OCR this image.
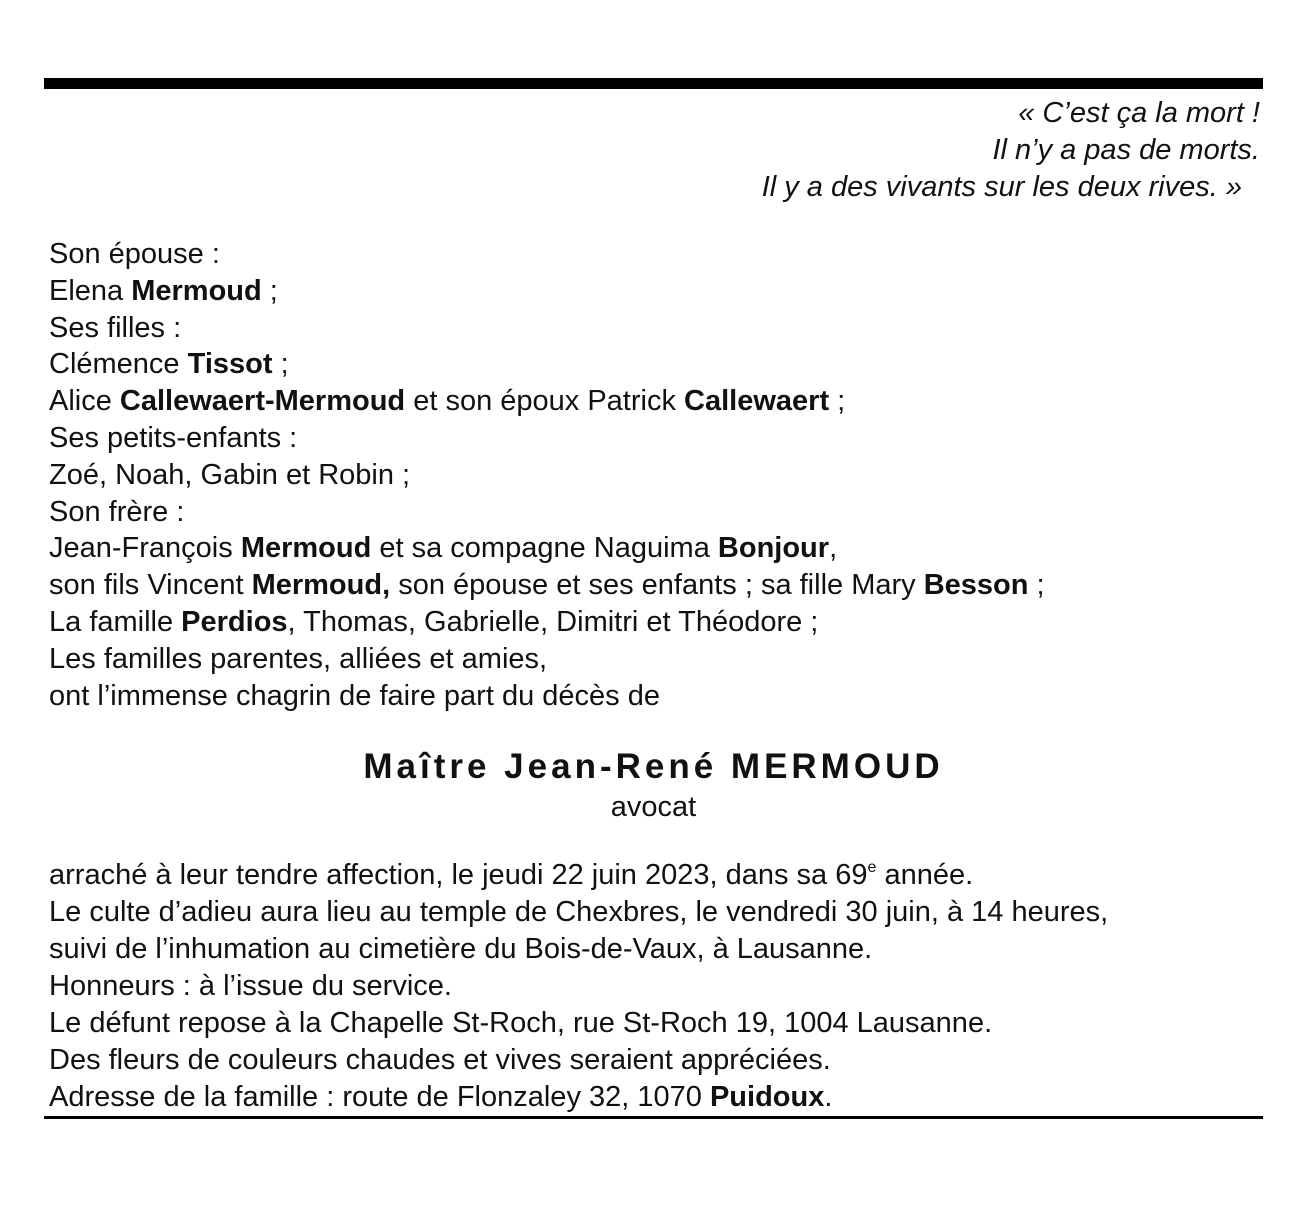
« C’est ça la mort !
Il n’y a pas de morts.
Il y a des vivants sur les deux rives. »
Son épouse :
Elena Mermoud ;
Ses filles :
Clémence Tissot ;
Alice Callewaert-Mermoud et son époux Patrick Callewaert ;
Ses petits-enfants :
Zoé, Noah, Gabin et Robin ;
Son frère :
Jean-François Mermoud et sa compagne Naguima Bonjour,
son fils Vincent Mermoud, son épouse et ses enfants ; sa fille Mary Besson ;
La famille Perdios, Thomas, Gabrielle, Dimitri et Théodore ;
Les familles parentes, alliées et amies,
ont l’immense chagrin de faire part du décès de
Maître Jean-René MERMOUD
avocat
arraché à leur tendre affection, le jeudi 22 juin 2023, dans sa 69e année.
Le culte d’adieu aura lieu au temple de Chexbres, le vendredi 30 juin, à 14 heures,
suivi de l’inhumation au cimetière du Bois-de-Vaux, à Lausanne.
Honneurs : à l’issue du service.
Le défunt repose à la Chapelle St-Roch, rue St-Roch 19, 1004 Lausanne.
Des fleurs de couleurs chaudes et vives seraient appréciées.
Adresse de la famille : route de Flonzaley 32, 1070 Puidoux.
